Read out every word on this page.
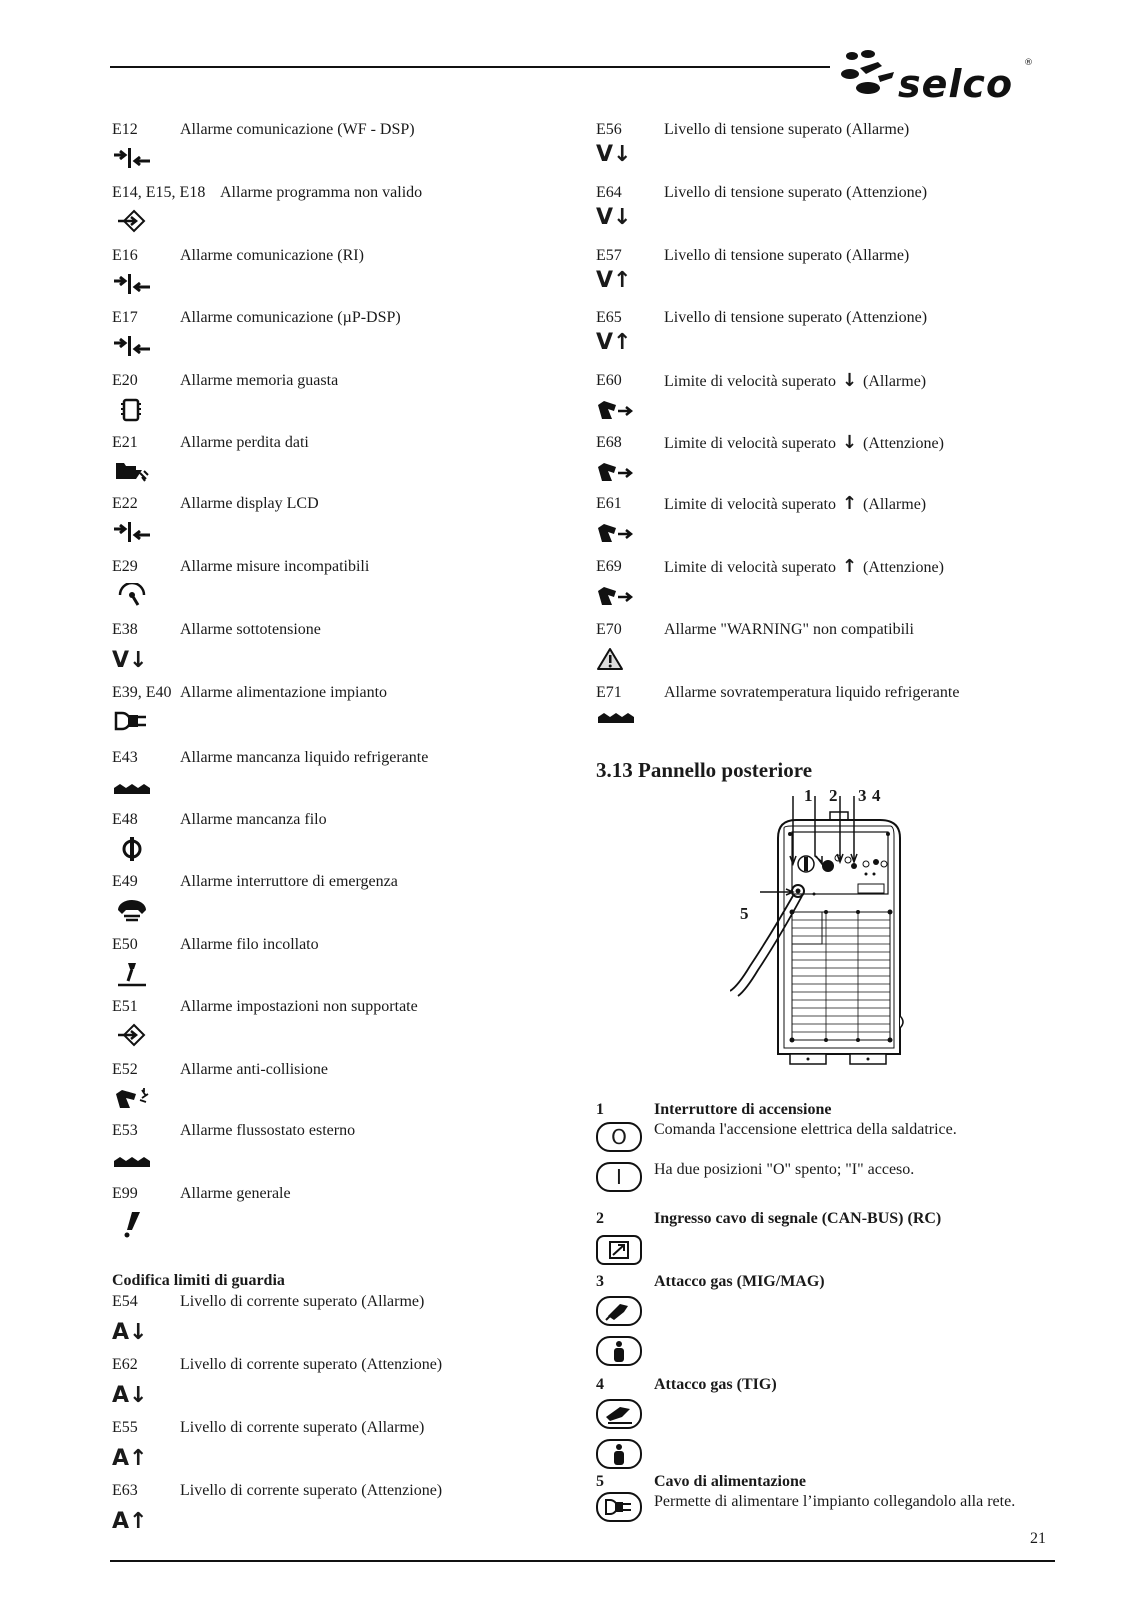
selco ®
E12	Allarme comunicazione (WF - DSP)
E14, E15, E18 Allarme programma non valido
E16	Allarme comunicazione (RI)
E17	Allarme comunicazione (µP-DSP)
E20	Allarme memoria guasta
E21	Allarme perdita dati
E22	Allarme display LCD
E29	Allarme misure incompatibili
E38	Allarme sottotensione
V↓
E39, E40 Allarme alimentazione impianto
E43	Allarme mancanza liquido refrigerante
E48	Allarme mancanza filo
E49	Allarme interruttore di emergenza
E50	Allarme filo incollato
E51	Allarme impostazioni non supportate
E52	Allarme anti-collisione
E53	Allarme flussostato esterno
E99	Allarme generale
Codifica limiti di guardia
E54	Livello di corrente superato (Allarme)
A↓
E62	Livello di corrente superato (Attenzione)
A↓
E55	Livello di corrente superato (Allarme)
A↑
E63	Livello di corrente superato (Attenzione)
A↑
E56	Livello di tensione superato (Allarme)
V↓
E64	Livello di tensione superato (Attenzione)
V↓
E57	Livello di tensione superato (Allarme)
V↑
E65	Livello di tensione superato (Attenzione)
V↑
E60	Limite di velocità superato ↓ (Allarme)
E68	Limite di velocità superato ↓ (Attenzione)
E61	Limite di velocità superato ↑ (Allarme)
E69	Limite di velocità superato ↑ (Attenzione)
E70	Allarme "WARNING" non compatibili
E71	Allarme sovratemperatura liquido refrigerante
3.13 Pannello posteriore
1 2 3 4
5
1	Interruttore di accensione
Comanda l'accensione elettrica della saldatrice.
Ha due posizioni "O" spento; "I" acceso.
O
I
2	Ingresso cavo di segnale (CAN-BUS) (RC)
3	Attacco gas (MIG/MAG)
4	Attacco gas (TIG)
5	Cavo di alimentazione
Permette di alimentare l’impianto collegandolo alla rete.
21
